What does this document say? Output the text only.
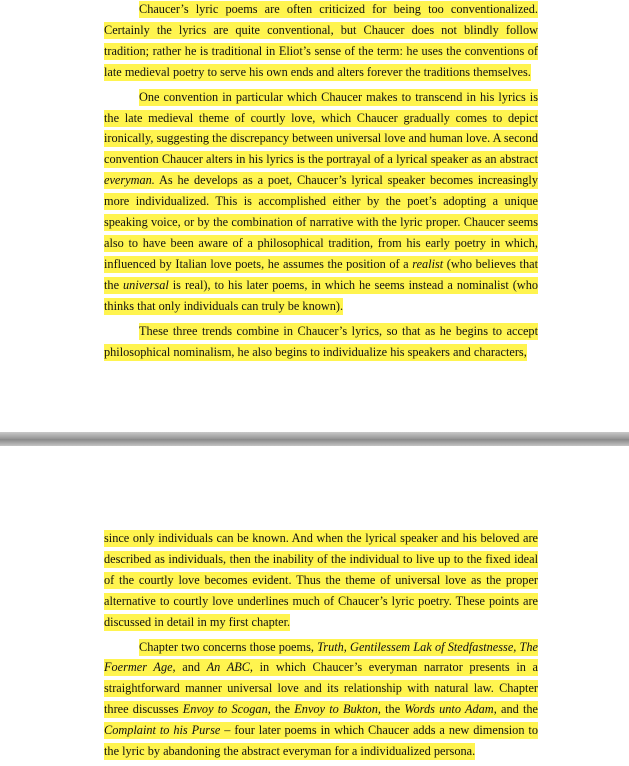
Chaucer’s lyric poems are often criticized for being too conventionalized. Certainly the lyrics are quite conventional, but Chaucer does not blindly follow tradition; rather he is traditional in Eliot’s sense of the term: he uses the conventions of late medieval poetry to serve his own ends and alters forever the traditions themselves.

One convention in particular which Chaucer makes to transcend in his lyrics is the late medieval theme of courtly love, which Chaucer gradually comes to depict ironically, suggesting the discrepancy between universal love and human love. A second convention Chaucer alters in his lyrics is the portrayal of a lyrical speaker as an abstract everyman. As he develops as a poet, Chaucer’s lyrical speaker becomes increasingly more individualized. This is accomplished either by the poet’s adopting a unique speaking voice, or by the combination of narrative with the lyric proper. Chaucer seems also to have been aware of a philosophical tradition, from his early poetry in which, influenced by Italian love poets, he assumes the position of a realist (who believes that the universal is real), to his later poems, in which he seems instead a nominalist (who thinks that only individuals can truly be known).

These three trends combine in Chaucer’s lyrics, so that as he begins to accept philosophical nominalism, he also begins to individualize his speakers and characters,

since only individuals can be known. And when the lyrical speaker and his beloved are described as individuals, then the inability of the individual to live up to the fixed ideal of the courtly love becomes evident. Thus the theme of universal love as the proper alternative to courtly love underlines much of Chaucer’s lyric poetry. These points are discussed in detail in my first chapter.

Chapter two concerns those poems, Truth, Gentilessem Lak of Stedfastnesse, The Foermer Age, and An ABC, in which Chaucer’s everyman narrator presents in a straightforward manner universal love and its relationship with natural law. Chapter three discusses Envoy to Scogan, the Envoy to Bukton, the Words unto Adam, and the Complaint to his Purse – four later poems in which Chaucer adds a new dimension to the lyric by abandoning the abstract everyman for a individualized persona.
